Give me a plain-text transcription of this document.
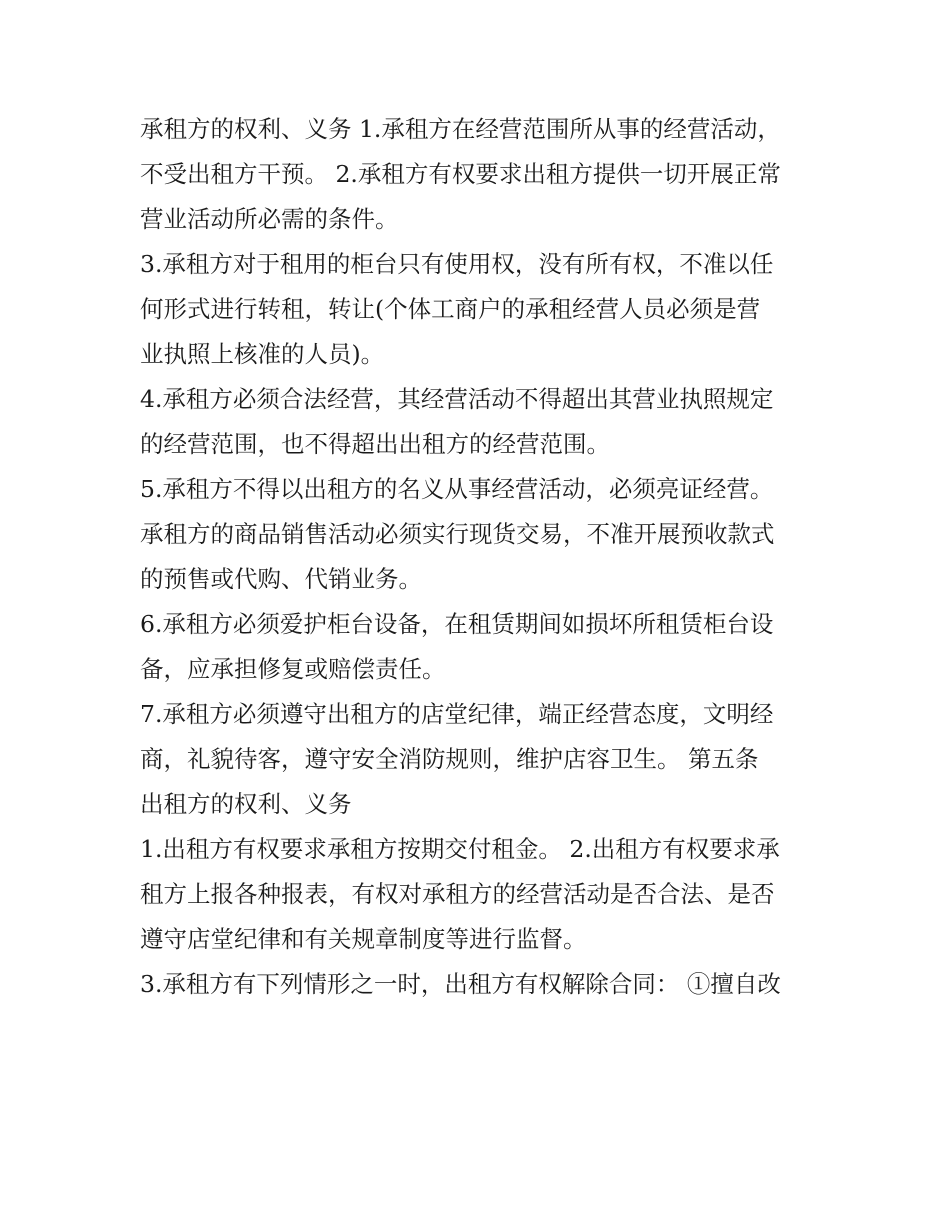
承租方的权利、义务 1.承租方在经营范围所从事的经营活动，
不受出租方干预。 2.承租方有权要求出租方提供一切开展正常
营业活动所必需的条件。

3.承租方对于租用的柜台只有使用权，没有所有权，不准以任
何形式进行转租，转让(个体工商户的承租经营人员必须是营
业执照上核准的人员)。

4.承租方必须合法经营，其经营活动不得超出其营业执照规定
的经营范围，也不得超出出租方的经营范围。

5.承租方不得以出租方的名义从事经营活动，必须亮证经营。
承租方的商品销售活动必须实行现货交易，不准开展预收款式
的预售或代购、代销业务。

6.承租方必须爱护柜台设备，在租赁期间如损坏所租赁柜台设
备，应承担修复或赔偿责任。

7.承租方必须遵守出租方的店堂纪律，端正经营态度，文明经
商，礼貌待客，遵守安全消防规则，维护店容卫生。 第五条
出租方的权利、义务

1.出租方有权要求承租方按期交付租金。 2.出租方有权要求承
租方上报各种报表，有权对承租方的经营活动是否合法、是否
遵守店堂纪律和有关规章制度等进行监督。

3.承租方有下列情形之一时，出租方有权解除合同： ①擅自改
